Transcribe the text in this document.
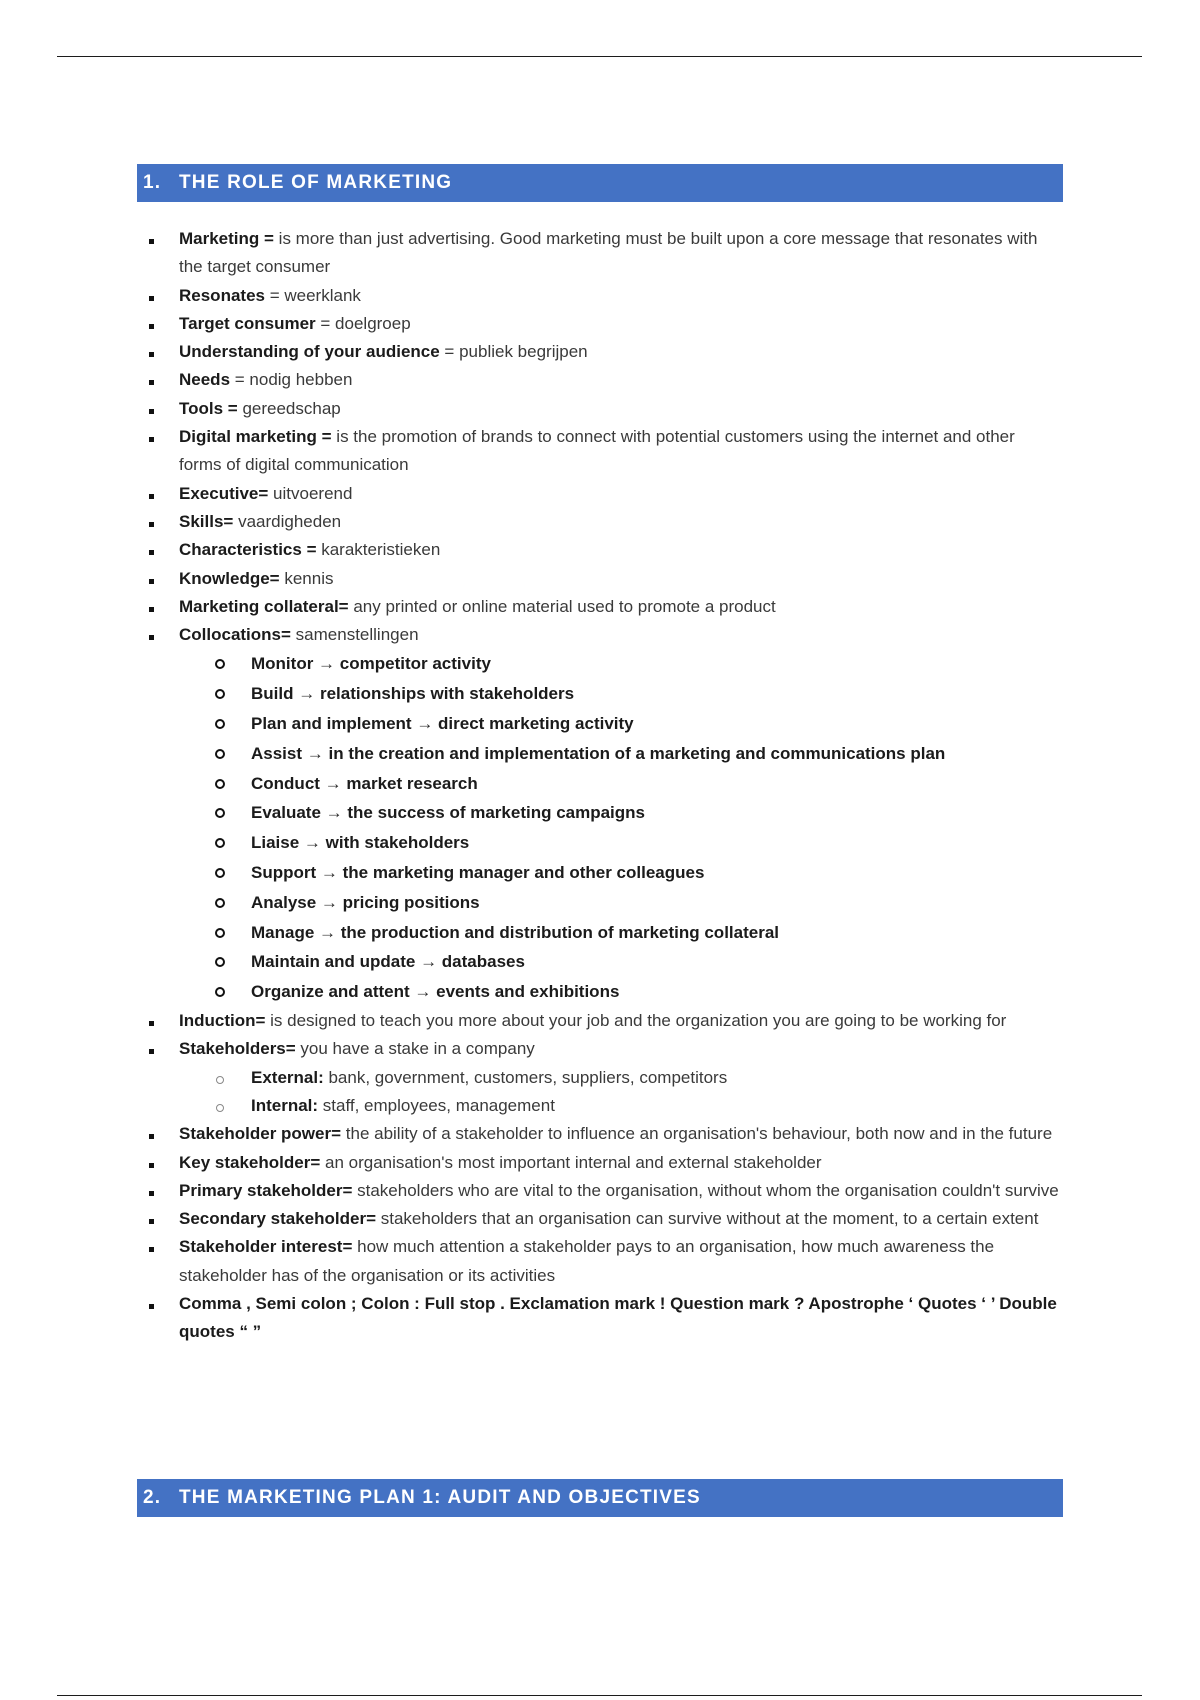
1. THE ROLE OF MARKETING
Marketing = is more than just advertising. Good marketing must be built upon a core message that resonates with the target consumer
Resonates = weerklank
Target consumer = doelgroep
Understanding of your audience = publiek begrijpen
Needs = nodig hebben
Tools = gereedschap
Digital marketing = is the promotion of brands to connect with potential customers using the internet and other forms of digital communication
Executive= uitvoerend
Skills= vaardigheden
Characteristics = karakteristieken
Knowledge= kennis
Marketing collateral= any printed or online material used to promote a product
Collocations= samenstellingen
Monitor → competitor activity
Build → relationships with stakeholders
Plan and implement → direct marketing activity
Assist → in the creation and implementation of a marketing and communications plan
Conduct → market research
Evaluate → the success of marketing campaigns
Liaise → with stakeholders
Support → the marketing manager and other colleagues
Analyse → pricing positions
Manage → the production and distribution of marketing collateral
Maintain and update → databases
Organize and attent → events and exhibitions
Induction= is designed to teach you more about your job and the organization you are going to be working for
Stakeholders= you have a stake in a company
External: bank, government, customers, suppliers, competitors
Internal: staff, employees, management
Stakeholder power= the ability of a stakeholder to influence an organisation's behaviour, both now and in the future
Key stakeholder= an organisation's most important internal and external stakeholder
Primary stakeholder= stakeholders who are vital to the organisation, without whom the organisation couldn't survive
Secondary stakeholder= stakeholders that an organisation can survive without at the moment, to a certain extent
Stakeholder interest= how much attention a stakeholder pays to an organisation, how much awareness the stakeholder has of the organisation or its activities
Comma , Semi colon ; Colon : Full stop . Exclamation mark ! Question mark ? Apostrophe ‘ Quotes ‘ ’ Double quotes “ ”
2. THE MARKETING PLAN 1: AUDIT AND OBJECTIVES
